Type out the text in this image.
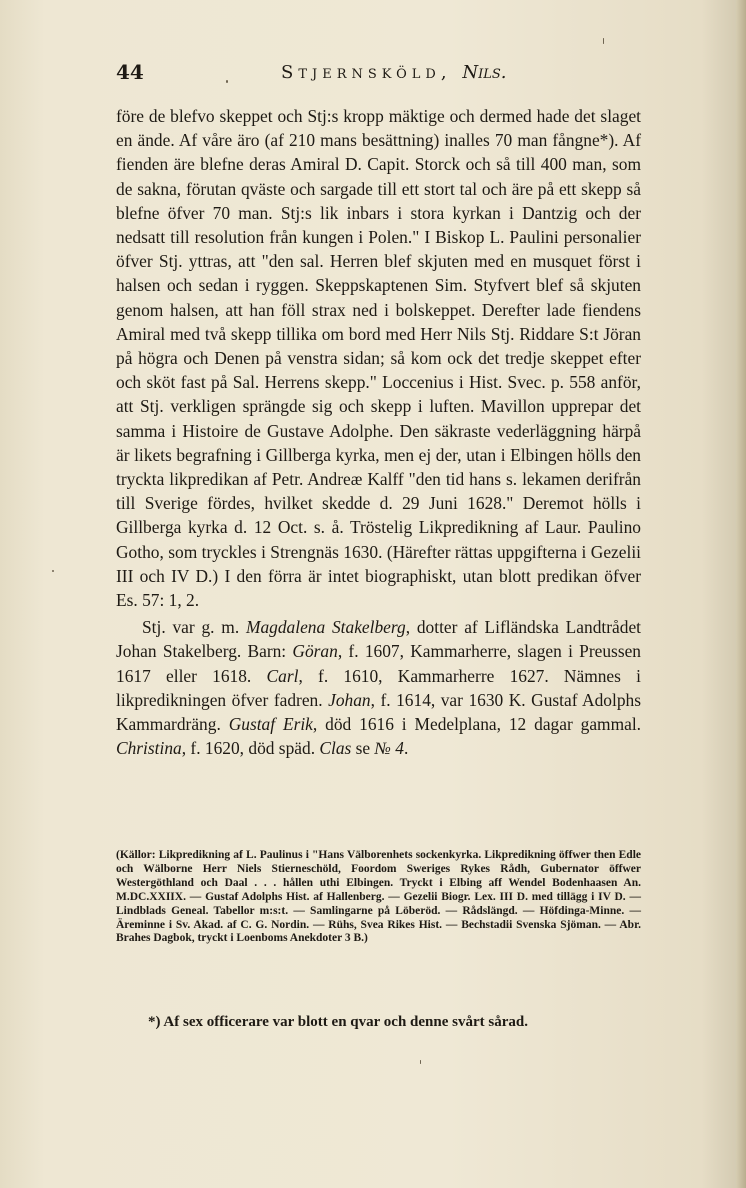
44	Stjernsköld, Nils.

före de blefvo skeppet och Stj:s kropp mäktige och dermed hade det slaget en ände. Af våre äro (af 210 mans besättning) inalles 70 man fångne*). Af fienden äre blefne deras Amiral D. Capit. Storck och så till 400 man, som de sakna, förutan qväste och sargade till ett stort tal och äre på ett skepp så blefne öfver 70 man. Stj:s lik inbars i stora kyrkan i Dantzig och der nedsatt till resolution från kungen i Polen." I Biskop L. Paulini personalier öfver Stj. yttras, att "den sal. Herren blef skjuten med en musquet först i halsen och sedan i ryggen. Skeppskaptenen Sim. Styfvert blef så skjuten genom halsen, att han föll strax ned i bolskeppet. Derefter lade fiendens Amiral med två skepp tillika om bord med Herr Nils Stj. Riddare S:t Jöran på högra och Denen på venstra sidan; så kom ock det tredje skeppet efter och sköt fast på Sal. Herrens skepp." Loccenius i Hist. Svec. p. 558 anför, att Stj. verkligen sprängde sig och skepp i luften. Mavillon upprepar det samma i Histoire de Gustave Adolphe. Den säkraste vederläggning härpå är likets begrafning i Gillberga kyrka, men ej der, utan i Elbingen hölls den tryckta likpredikan af Petr. Andreæ Kalff "den tid hans s. lekamen derifrån till Sverige fördes, hvilket skedde d. 29 Juni 1628." Deremot hölls i Gillberga kyrka d. 12 Oct. s. å. Tröstelig Likpredikning af Laur. Paulino Gotho, som tryckles i Strengnäs 1630. (Härefter rättas uppgifterna i Gezelii III och IV D.) I den förra är intet biographiskt, utan blott predikan öfver Es. 57: 1, 2.

Stj. var g. m. Magdalena Stakelberg, dotter af Lifländska Landtrådet Johan Stakelberg. Barn: Göran, f. 1607, Kammarherre, slagen i Preussen 1617 eller 1618. Carl, f. 1610, Kammarherre 1627. Nämnes i likpredikningen öfver fadren. Johan, f. 1614, var 1630 K. Gustaf Adolphs Kammardräng. Gustaf Erik, död 1616 i Medelplana, 12 dagar gammal. Christina, f. 1620, död späd. Clas se № 4.

(Källor: Likpredikning af L. Paulinus i "Hans Välborenhets sockenkyrka. Likpredikning öffwer then Edle och Wälborne Herr Niels Stierneschöld, Foordom Sweriges Rykes Rådh, Gubernator öffwer Westergöthland och Daal . . . hållen uthi Elbingen. Tryckt i Elbing aff Wendel Bodenhaasen An. M.DC.XXIIX. — Gustaf Adolphs Hist. af Hallenberg. — Gezelii Biogr. Lex. III D. med tillägg i IV D. — Lindblads Geneal. Tabellor m:s:t. — Samlingarne på Löberöd. — Rådslängd. — Höfdinga-Minne. — Äreminne i Sv. Akad. af C. G. Nordin. — Rühs, Svea Rikes Hist. — Bechstadii Svenska Sjöman. — Abr. Brahes Dagbok, tryckt i Loenboms Anekdoter 3 B.)
*) Af sex officerare var blott en qvar och denne svårt sårad.
